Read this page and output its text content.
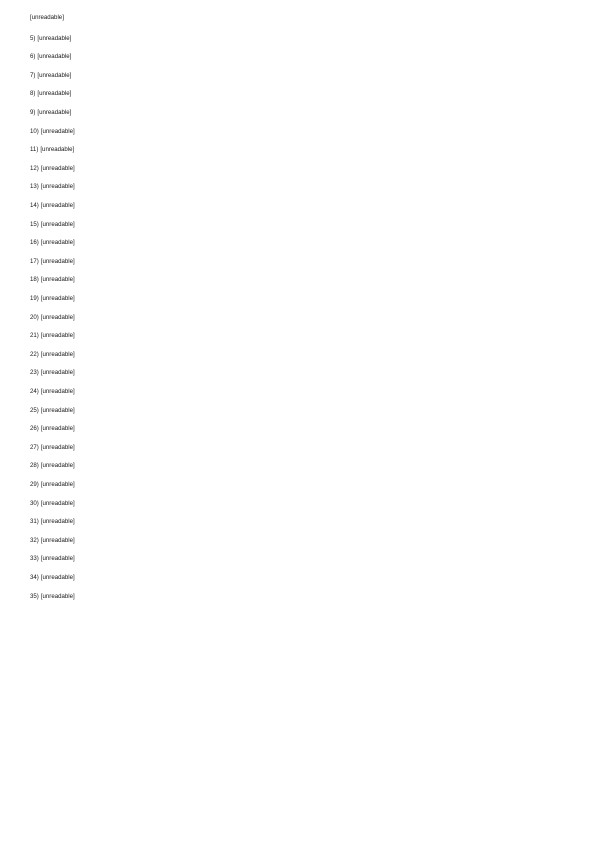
[unreadable]

5) [unreadable]

6) [unreadable]

7) [unreadable]

8) [unreadable]

9) [unreadable]

10) [unreadable]

11) [unreadable]

12) [unreadable]

13) [unreadable]

14) [unreadable]

15) [unreadable]

16) [unreadable]

17) [unreadable]

18) [unreadable]

19) [unreadable]

20) [unreadable]

21) [unreadable]

22) [unreadable]

23) [unreadable]

24) [unreadable]

25) [unreadable]

26) [unreadable]

27) [unreadable]

28) [unreadable]

29) [unreadable]

30) [unreadable]

31) [unreadable]

32) [unreadable]

33) [unreadable]

34) [unreadable]

35) [unreadable]
